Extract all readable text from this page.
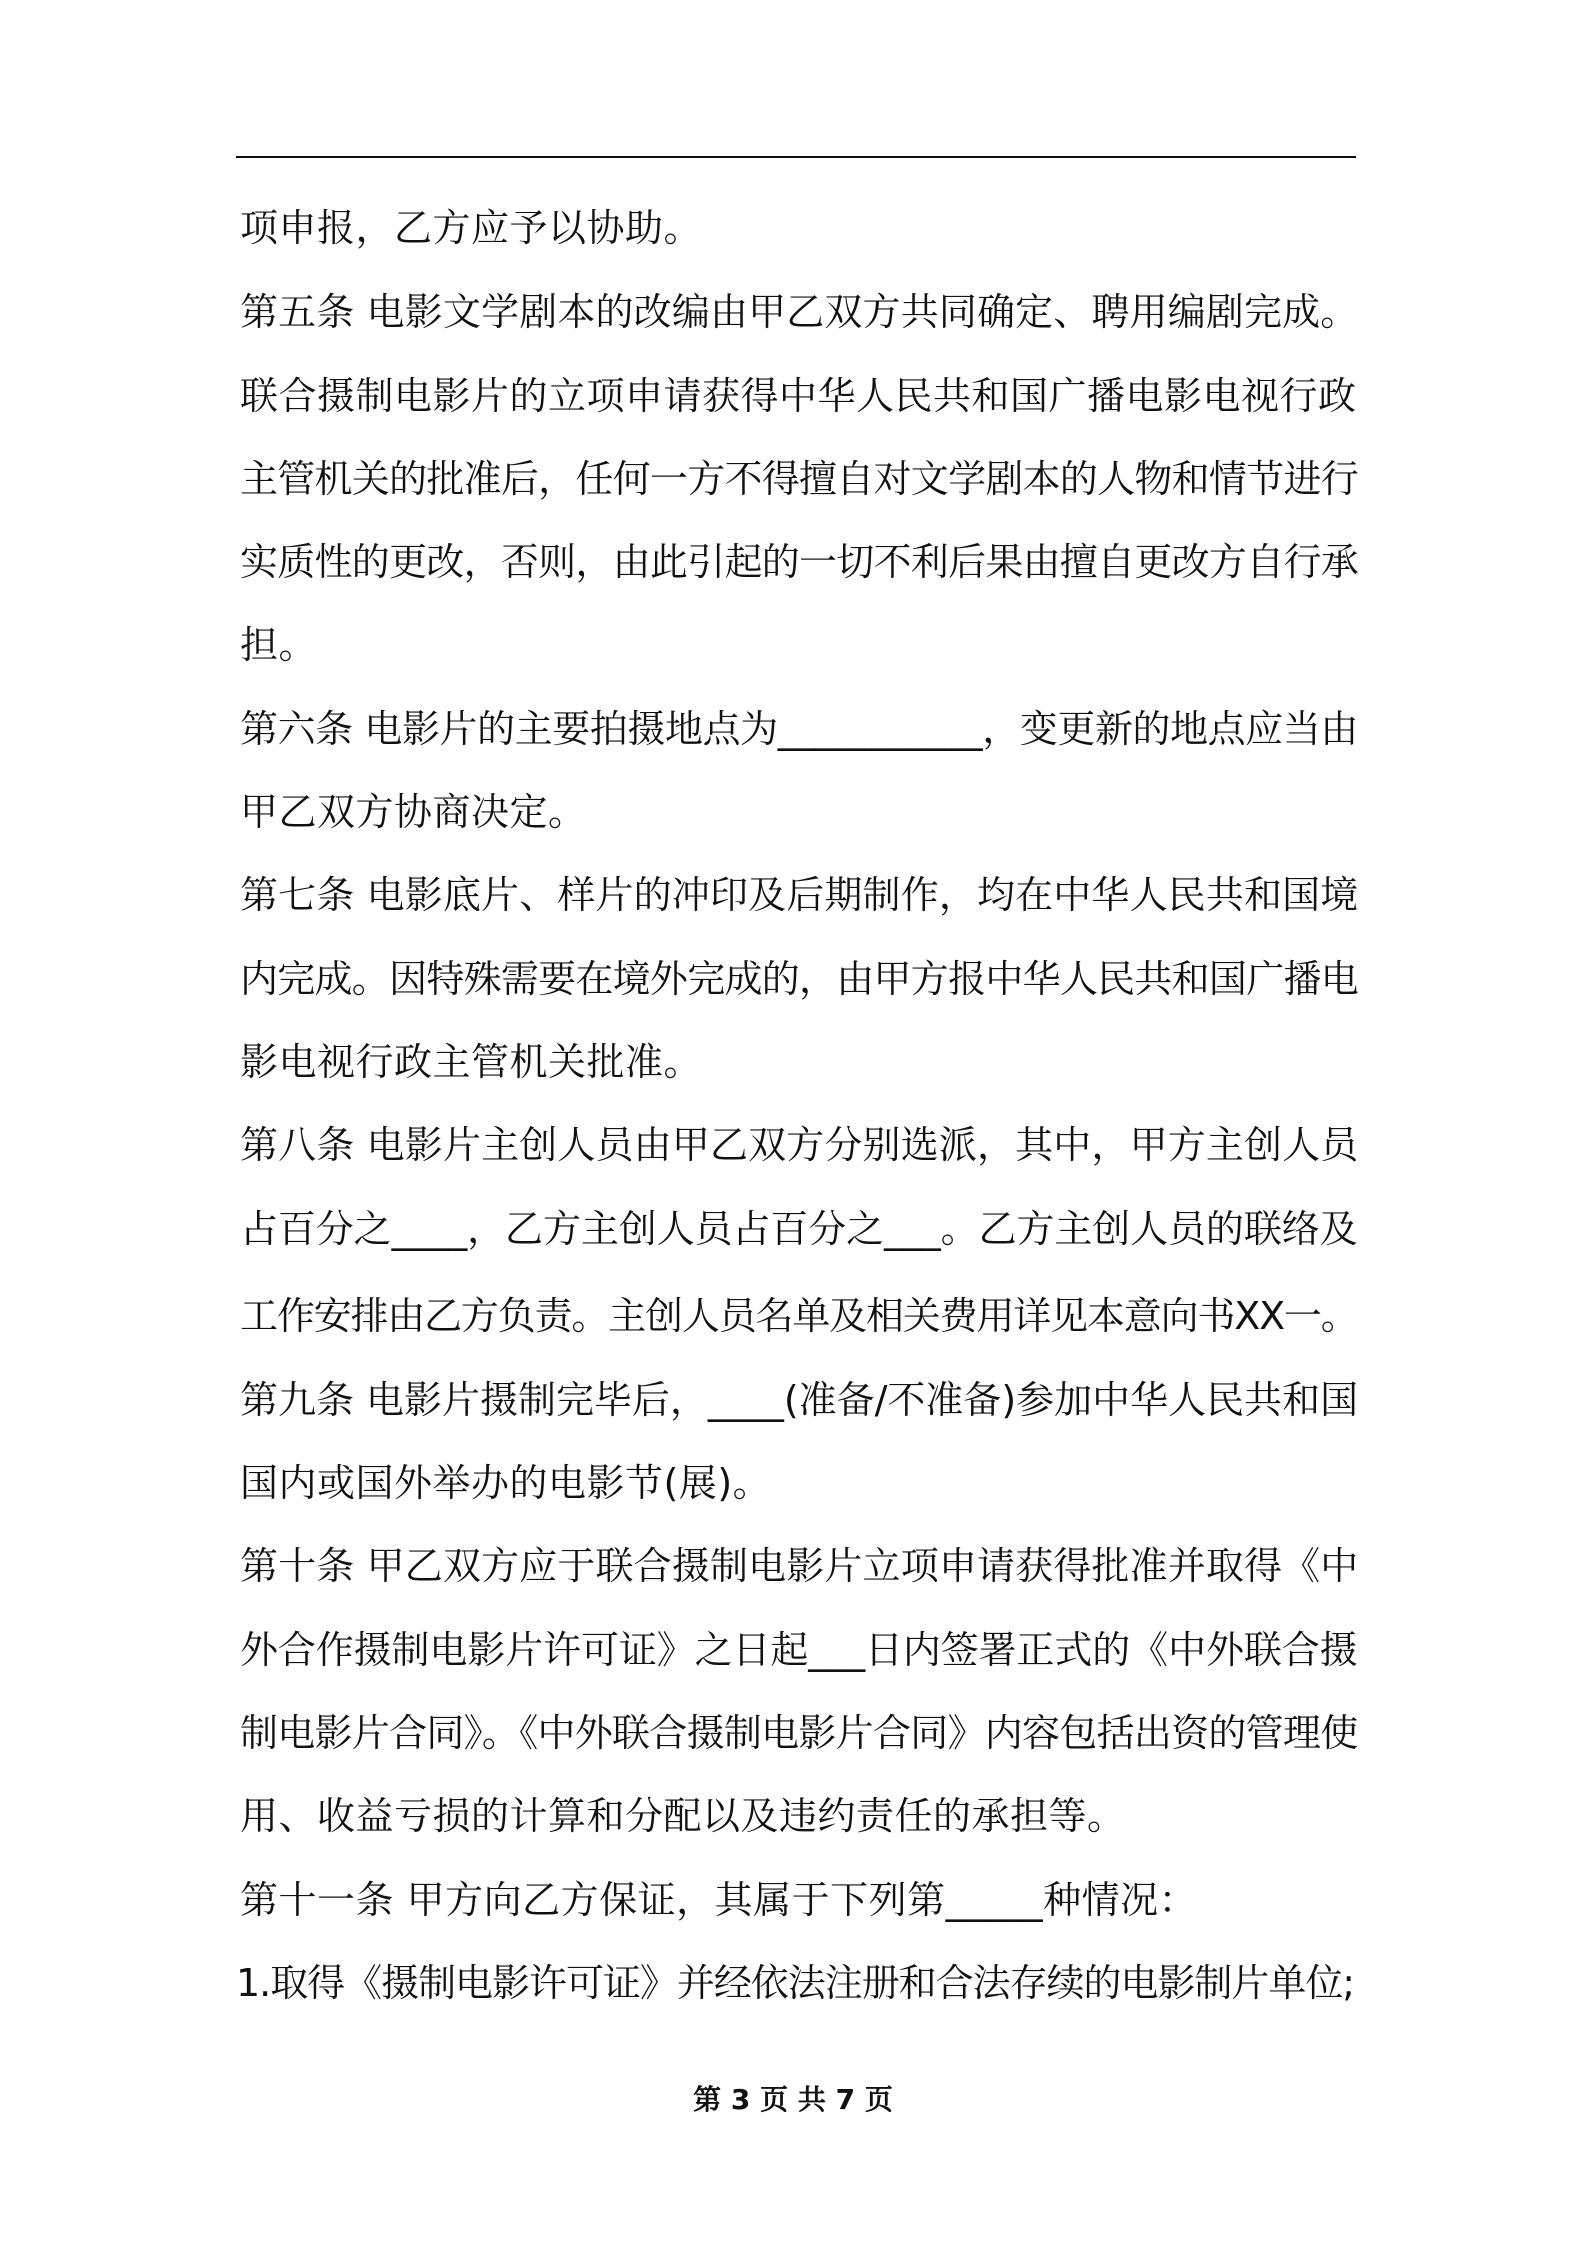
项申报，乙方应予以协助。
第五条 电影文学剧本的改编由甲乙双方共同确定、聘用编剧完成。
联合摄制电影片的立项申请获得中华人民共和国广播电影电视行政
主管机关的批准后，任何一方不得擅自对文学剧本的人物和情节进行
实质性的更改，否则，由此引起的一切不利后果由擅自更改方自行承
担。
第六条 电影片的主要拍摄地点为___________，变更新的地点应当由
甲乙双方协商决定。
第七条 电影底片、样片的冲印及后期制作，均在中华人民共和国境
内完成。因特殊需要在境外完成的，由甲方报中华人民共和国广播电
影电视行政主管机关批准。
第八条 电影片主创人员由甲乙双方分别选派，其中，甲方主创人员
占百分之____，乙方主创人员占百分之___。乙方主创人员的联络及
工作安排由乙方负责。主创人员名单及相关费用详见本意向书XX一。
第九条 电影片摄制完毕后，____(准备/不准备)参加中华人民共和国
国内或国外举办的电影节(展)。
第十条 甲乙双方应于联合摄制电影片立项申请获得批准并取得《中
外合作摄制电影片许可证》之日起___日内签署正式的《中外联合摄
制电影片合同》。《中外联合摄制电影片合同》内容包括出资的管理使
用、收益亏损的计算和分配以及违约责任的承担等。
第十一条 甲方向乙方保证，其属于下列第_____种情况：
1.取得《摄制电影许可证》并经依法注册和合法存续的电影制片单位;
第 3 页 共 7 页
